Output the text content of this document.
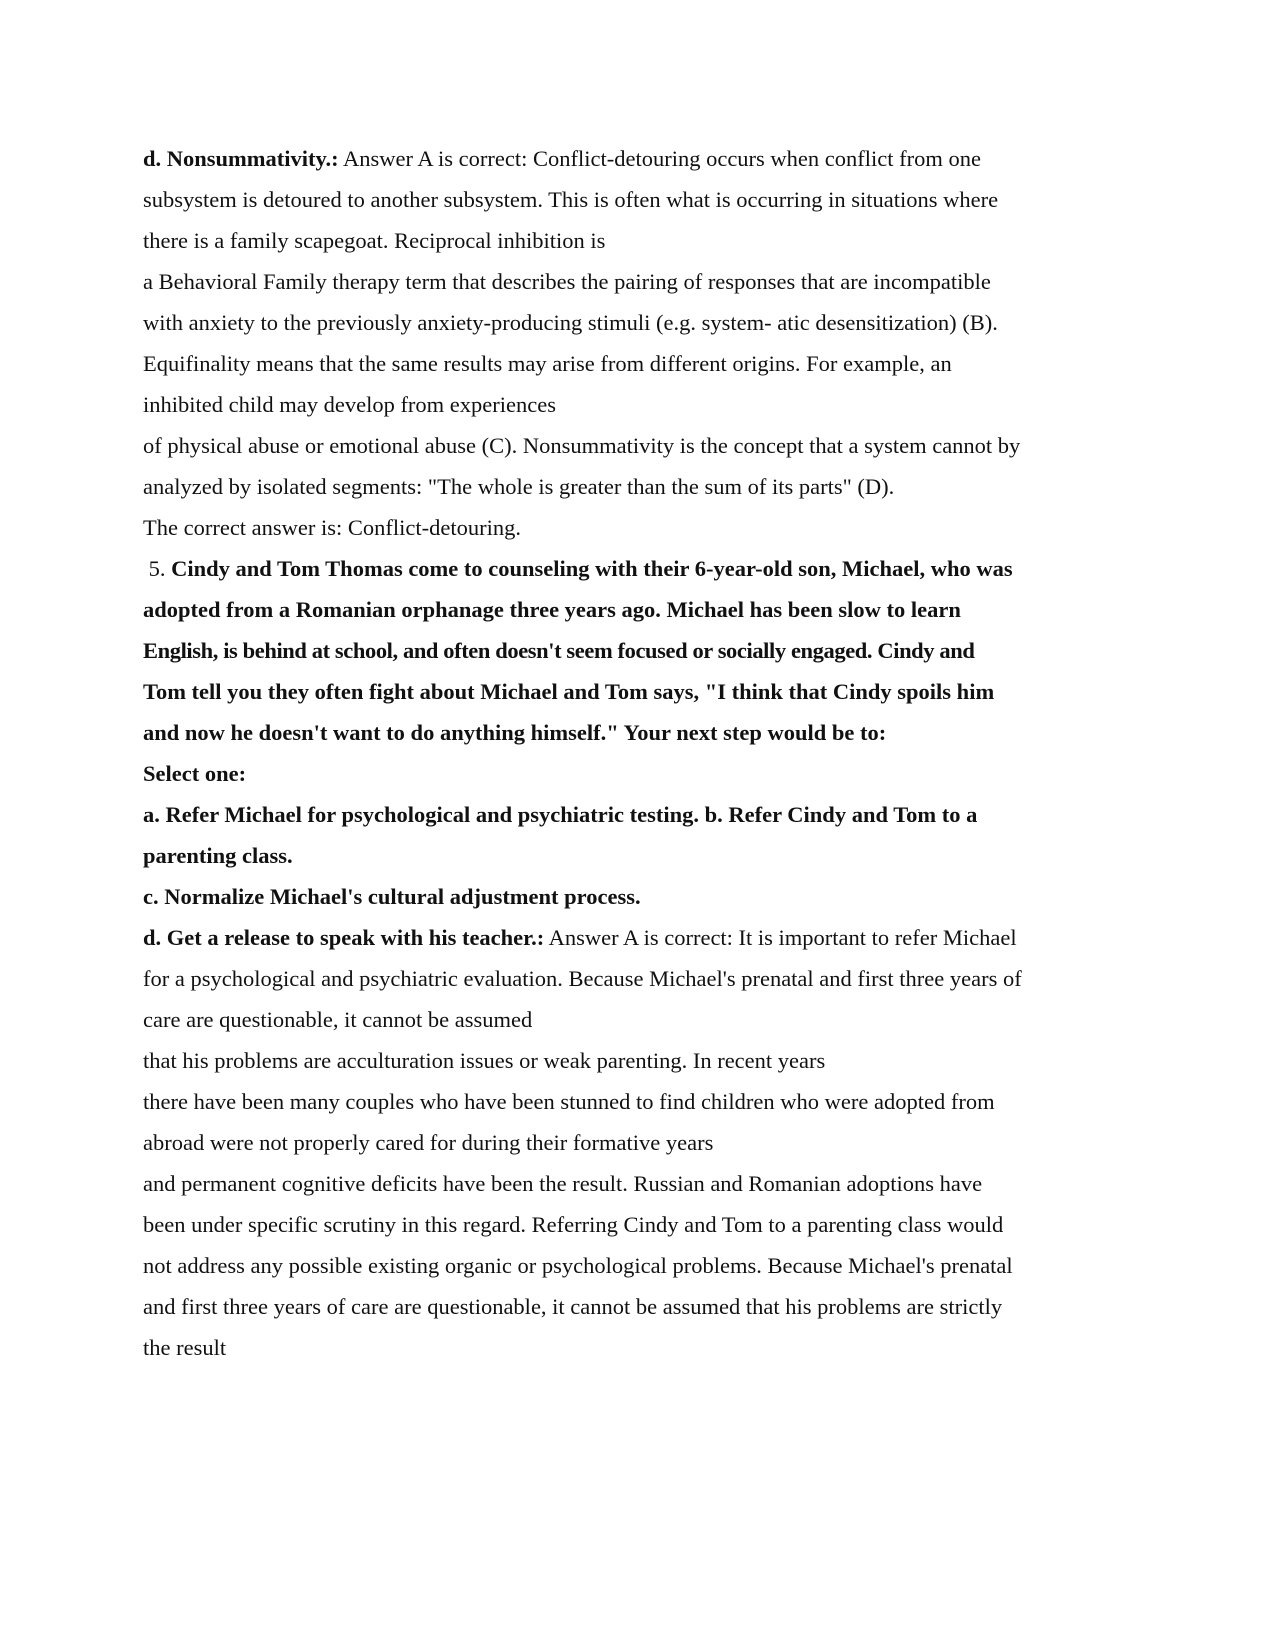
d. Nonsummativity.: Answer A is correct: Conflict-detouring occurs when conflict from one
subsystem is detoured to another subsystem. This is often what is occurring in situations where
there is a family scapegoat. Reciprocal inhibition is
a Behavioral Family therapy term that describes the pairing of responses that are incompatible
with anxiety to the previously anxiety-producing stimuli (e.g. system- atic desensitization) (B).
Equifinality means that the same results may arise from different origins. For example, an
inhibited child may develop from experiences
of physical abuse or emotional abuse (C). Nonsummativity is the concept that a system cannot by
analyzed by isolated segments: "The whole is greater than the sum of its parts" (D).
The correct answer is: Conflict-detouring.
5. Cindy and Tom Thomas come to counseling with their 6-year-old son, Michael, who was
adopted from a Romanian orphanage three years ago. Michael has been slow to learn
English, is behind at school, and often doesn't seem focused or socially engaged. Cindy and
Tom tell you they often fight about Michael and Tom says, "I think that Cindy spoils him
and now he doesn't want to do anything himself." Your next step would be to:
Select one:
a. Refer Michael for psychological and psychiatric testing. b. Refer Cindy and Tom to a
parenting class.
c. Normalize Michael's cultural adjustment process.
d. Get a release to speak with his teacher.: Answer A is correct: It is important to refer Michael
for a psychological and psychiatric evaluation. Because Michael's prenatal and first three years of
care are questionable, it cannot be assumed
that his problems are acculturation issues or weak parenting. In recent years
there have been many couples who have been stunned to find children who were adopted from
abroad were not properly cared for during their formative years
and permanent cognitive deficits have been the result. Russian and Romanian adoptions have
been under specific scrutiny in this regard. Referring Cindy and Tom to a parenting class would
not address any possible existing organic or psychological problems. Because Michael's prenatal
and first three years of care are questionable, it cannot be assumed that his problems are strictly
the result
